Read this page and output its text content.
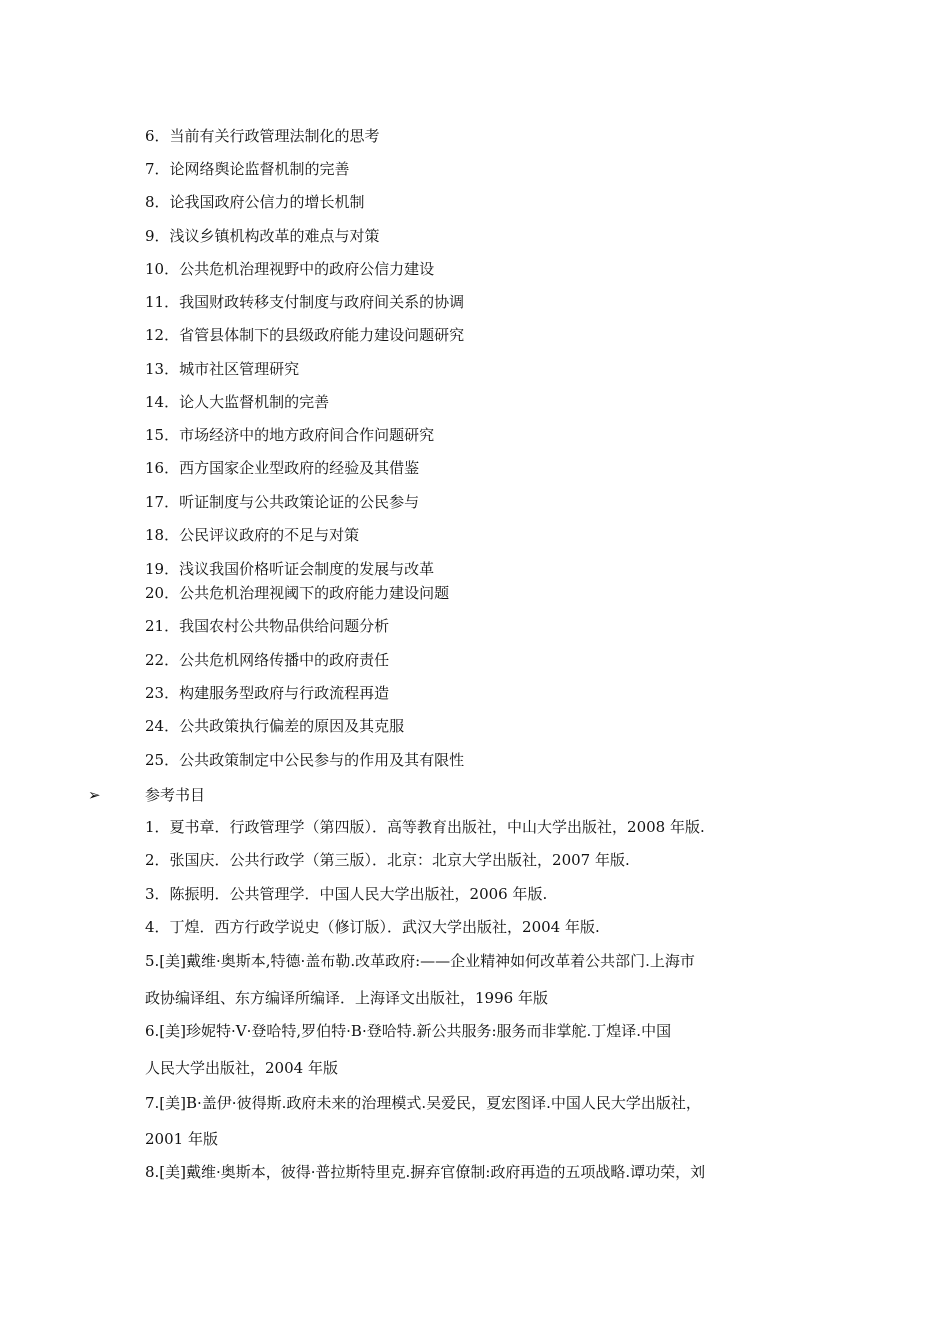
6．当前有关行政管理法制化的思考
7．论网络舆论监督机制的完善
8．论我国政府公信力的增长机制
9．浅议乡镇机构改革的难点与对策
10．公共危机治理视野中的政府公信力建设
11．我国财政转移支付制度与政府间关系的协调
12．省管县体制下的县级政府能力建设问题研究
13．城市社区管理研究
14．论人大监督机制的完善
15．市场经济中的地方政府间合作问题研究
16．西方国家企业型政府的经验及其借鉴
17．听证制度与公共政策论证的公民参与
18．公民评议政府的不足与对策
19．浅议我国价格听证会制度的发展与改革
20．公共危机治理视阈下的政府能力建设问题
21．我国农村公共物品供给问题分析
22．公共危机网络传播中的政府责任
23．构建服务型政府与行政流程再造
24．公共政策执行偏差的原因及其克服
25．公共政策制定中公民参与的作用及其有限性
➢	参考书目
1．夏书章．行政管理学（第四版）．高等教育出版社，中山大学出版社，2008 年版.
2．张国庆．公共行政学（第三版）．北京：北京大学出版社，2007 年版.
3．陈振明．公共管理学．中国人民大学出版社，2006 年版.
4．丁煌．西方行政学说史（修订版）．武汉大学出版社，2004 年版.
5.[美]戴维·奥斯本,特德·盖布勒.改革政府:——企业精神如何改革着公共部门.上海市
政协编译组、东方编译所编译．上海译文出版社，1996 年版
6.[美]珍妮特·V·登哈特,罗伯特·B·登哈特.新公共服务:服务而非掌舵.丁煌译.中国
人民大学出版社，2004 年版
7.[美]B·盖伊·彼得斯.政府未来的治理模式.吴爱民，夏宏图译.中国人民大学出版社，
2001 年版
8.[美]戴维·奥斯本，彼得·普拉斯特里克.摒弃官僚制:政府再造的五项战略.谭功荣，刘
